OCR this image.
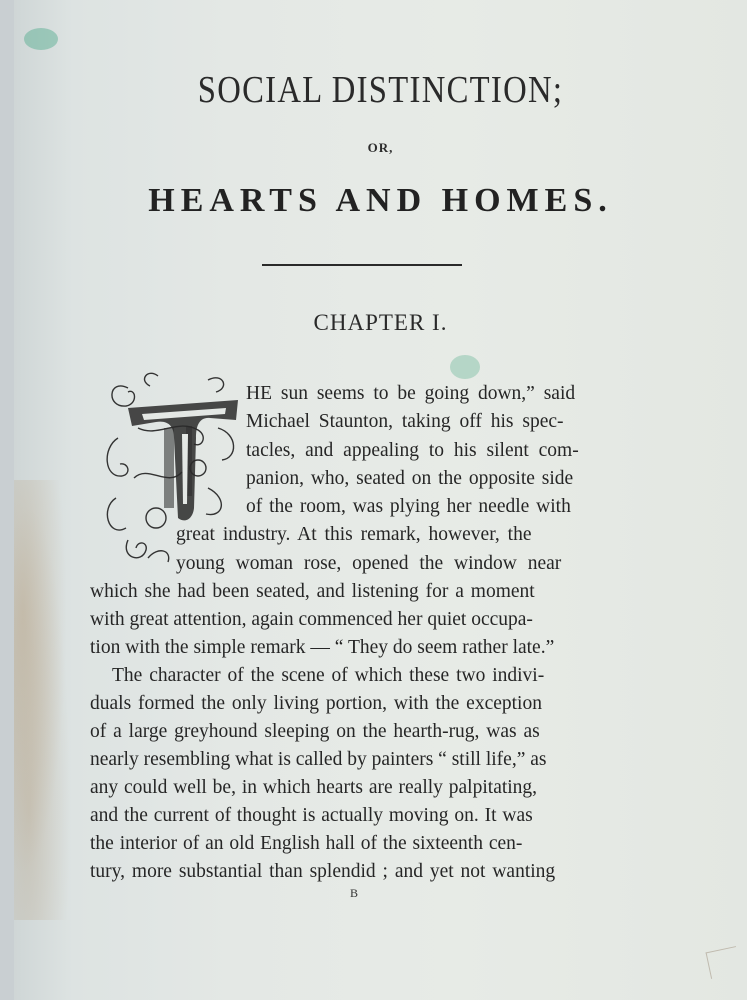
OR,
HEARTS AND HOMES.
CHAPTER I.
HE sun seems to be going down,” said
Michael Staunton, taking off his spec-
tacles, and appealing to his silent com-
panion, who, seated on the opposite side
of the room, was plying her needle with
great industry. At this remark, however, the
young woman rose, opened the window near
which she had been seated, and listening for a moment
with great attention, again commenced her quiet occupa-
tion with the simple remark — “ They do seem rather late.”
The character of the scene of which these two indivi-
duals formed the only living portion, with the exception
of a large greyhound sleeping on the hearth-rug, was as
nearly resembling what is called by painters “ still life,” as
any could well be, in which hearts are really palpitating,
and the current of thought is actually moving on. It was
the interior of an old English hall of the sixteenth cen-
tury, more substantial than splendid ; and yet not wanting
B
SOCIAL DISTINCTION;
